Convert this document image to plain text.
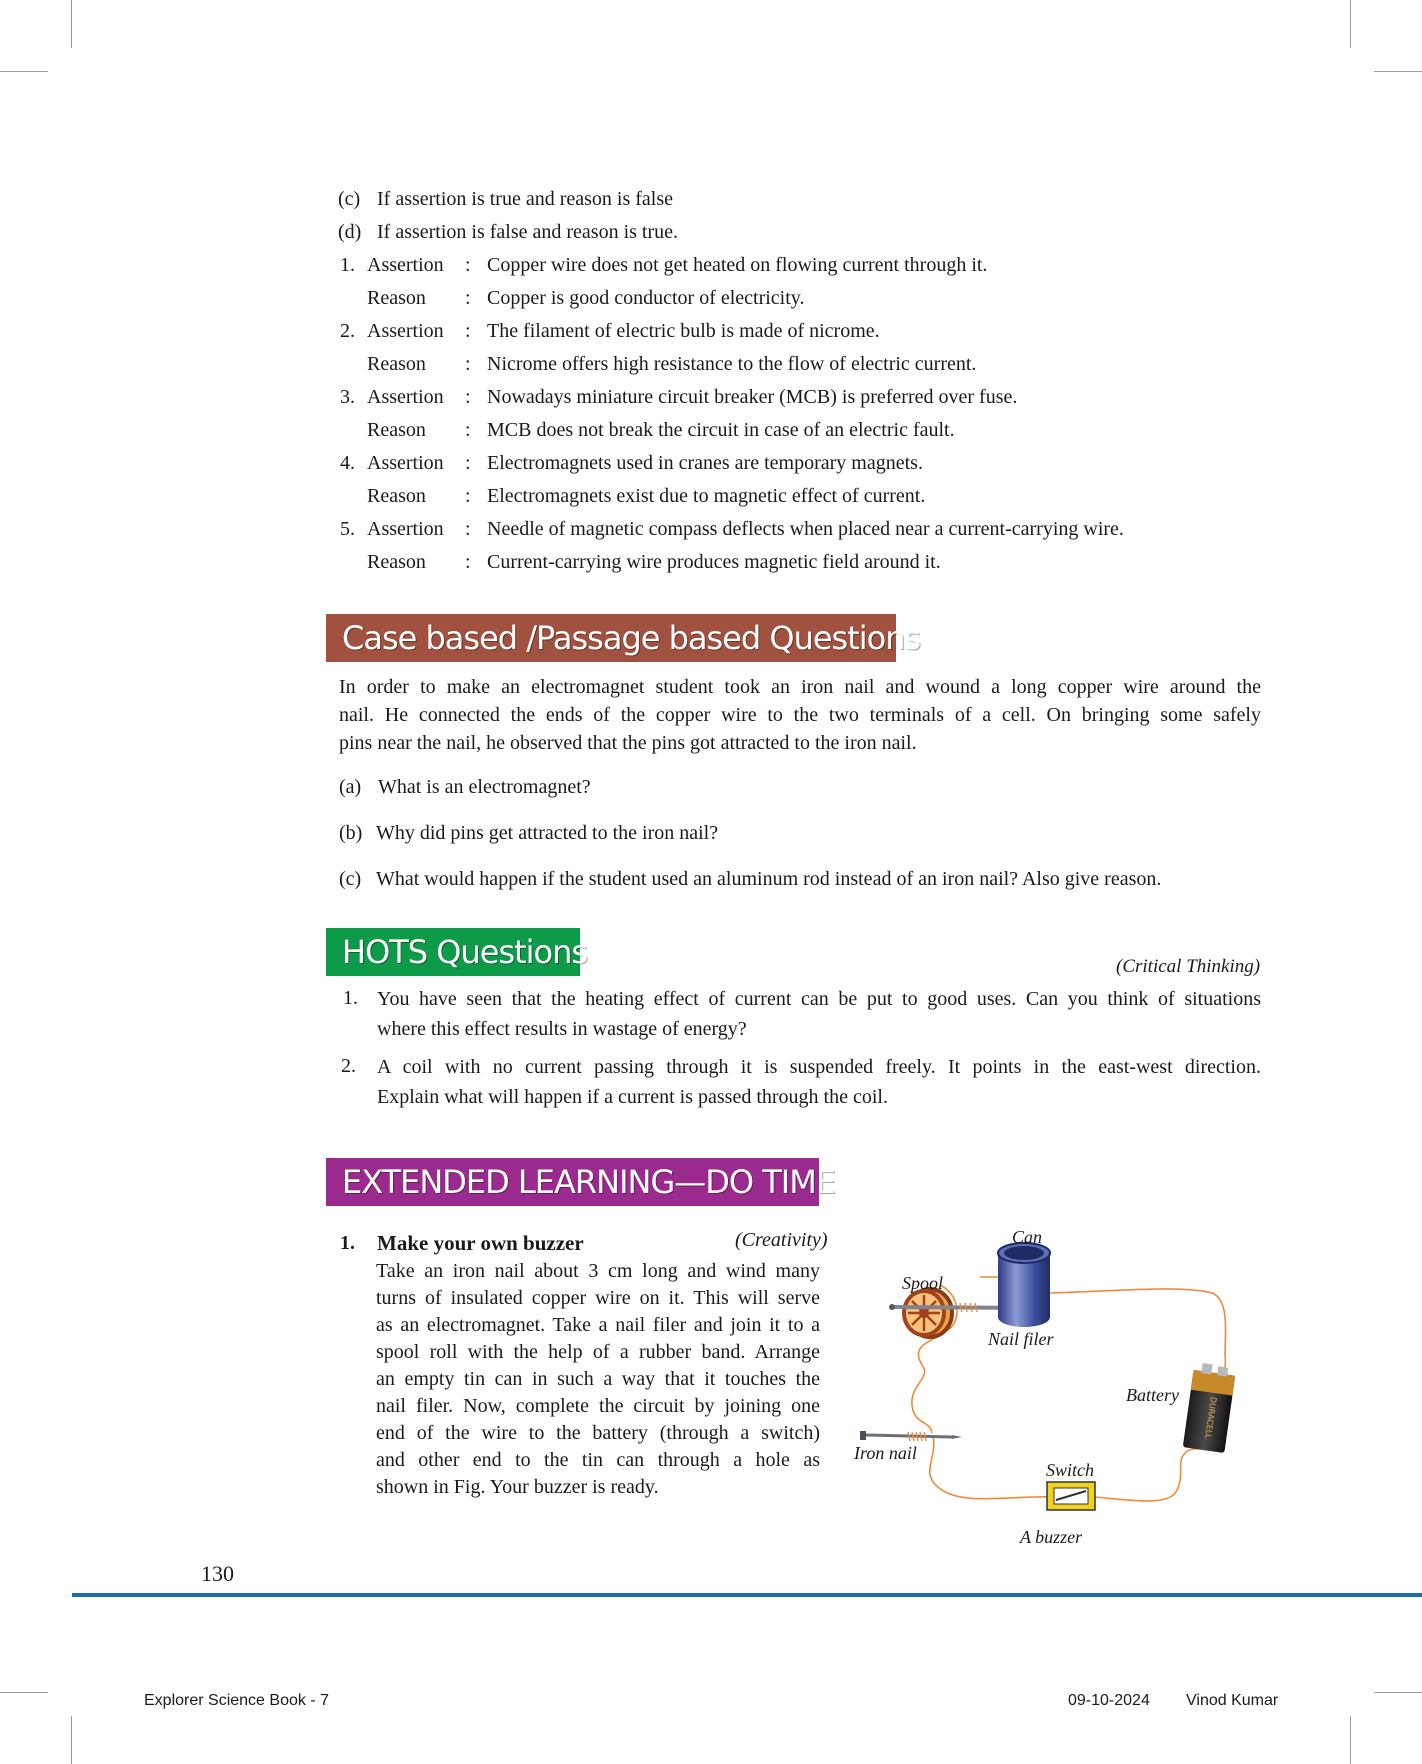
(c) If assertion is true and reason is false
(d) If assertion is false and reason is true.
1. Assertion : Copper wire does not get heated on flowing current through it.
Reason : Copper is good conductor of electricity.
2. Assertion : The filament of electric bulb is made of nicrome.
Reason : Nicrome offers high resistance to the flow of electric current.
3. Assertion : Nowadays miniature circuit breaker (MCB) is preferred over fuse.
Reason : MCB does not break the circuit in case of an electric fault.
4. Assertion : Electromagnets used in cranes are temporary magnets.
Reason : Electromagnets exist due to magnetic effect of current.
5. Assertion : Needle of magnetic compass deflects when placed near a current-carrying wire.
Reason : Current-carrying wire produces magnetic field around it.
Case based /Passage based Questions
In order to make an electromagnet student took an iron nail and wound a long copper wire around the
nail. He connected the ends of the copper wire to the two terminals of a cell. On bringing some safely
pins near the nail, he observed that the pins got attracted to the iron nail.
(a) What is an electromagnet?
(b) Why did pins get attracted to the iron nail?
(c) What would happen if the student used an aluminum rod instead of an iron nail? Also give reason.
HOTS Questions	(Critical Thinking)
1. You have seen that the heating effect of current can be put to good uses. Can you think of situations
where this effect results in wastage of energy?
2. A coil with no current passing through it is suspended freely. It points in the east-west direction.
Explain what will happen if a current is passed through the coil.
EXTENDED LEARNING—DO TIME
1. Make your own buzzer	(Creativity)
Take an iron nail about 3 cm long and wind many
turns of insulated copper wire on it. This will serve
as an electromagnet. Take a nail filer and join it to a
spool roll with the help of a rubber band. Arrange
an empty tin can in such a way that it touches the
nail filer. Now, complete the circuit by joining one
end of the wire to the battery (through a switch)
and other end to the tin can through a hole as
shown in Fig. Your buzzer is ready.
DURACELL
Can
Spool
Nail filer
Battery
Iron nail
Switch
A buzzer
130
Explorer Science Book - 7	09-10-2024 Vinod Kumar
